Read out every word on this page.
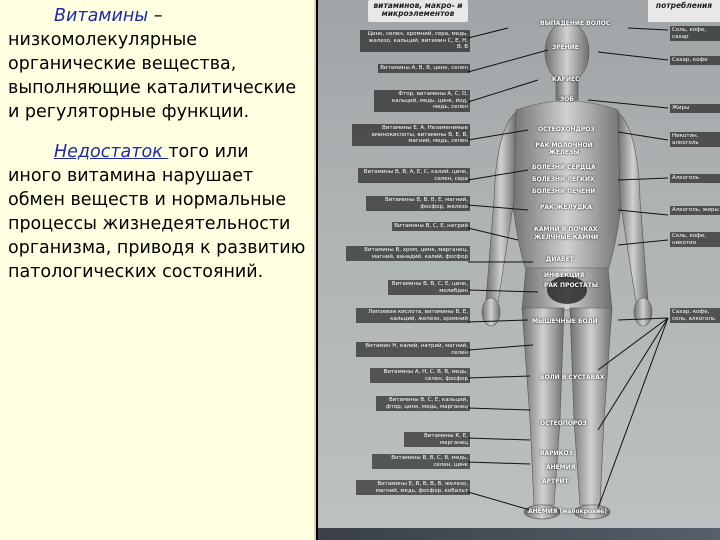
Витамины – низкомолекулярные органические вещества, выполняющие каталитические и регуляторные функции.

Недостаток того или иного витамина нарушает обмен веществ и нормальные процессы жизнедеятельности организма, приводя к развитию патологических состояний.

витаминов, макро- и микроэлементов
потребления
Цинк, селен, хромний, сера, медь, железо, кальций, витамин С, Е, Н, В, В
Витамины А, В, В, цинк, селен
Фтор, витамины А, С, D, кальций, медь, цинк, йод, медь, селен
Витамины Е, А, Незаменимые аминокислоты, витамины В, Е, В, магний, медь, селен
Витамины В, В, А, Е, С, калий, цинк, селен, сера
Витамины В, В, В, Е, магний, фосфор, железо
Витамины В, С, Е, натрий
Витамины В, хром, цинк, марганец, магний, ванадий, калий, фосфор
Витамины В, В, С, Е, цинк, молибден
Липоевая кислота, витамины В, Е, кальций, железо, хромний
Витамин Н, калий, натрий, магний, селен
Витамины А, Н, С, В, В, медь, селен, фосфор
Витамины В, С, Е, кальций, фтор, цинк, медь, марганец
Витамины К, Е, марганец
Витамины В, В, С, В, медь, селен, цинк
Витамины Е, В, В, В, В, железо, магний, медь, фосфор, кобальт
ВЫПАДЕНИЕ ВОЛОС
ЗРЕНИЕ
КАРИЕС
ЗОБ
ОСТЕОХОНДРОЗ
РАК МОЛОЧНОЙ ЖЕЛЕЗЫ
БОЛЕЗНИ СЕРДЦА
БОЛЕЗНИ ЛЕГКИХ
БОЛЕЗНИ ПЕЧЕНИ
РАК ЖЕЛУДКА
КАМНИ В ПОЧКАХ
ЖЕЛЧНЫЕ КАМНИ
ДИАБЕТ
ИНФЕКЦИЯ
РАК ПРОСТАТЫ
МЫШЕЧНЫЕ БОЛИ
БОЛИ В СУСТАВАХ
ОСТЕОПОРОЗ
ВАРИКОЗ
АНЕМИЯ
АРТРИТ
АНЕМИЯ (малокровие)
Соль, кофе, сахар
Сахар, кофе
Жиры
Никотин, алкоголь
Алкоголь
Алкоголь, жиры
Соль, кофе, никотин
Сахар, кофе, соль, алкоголь
